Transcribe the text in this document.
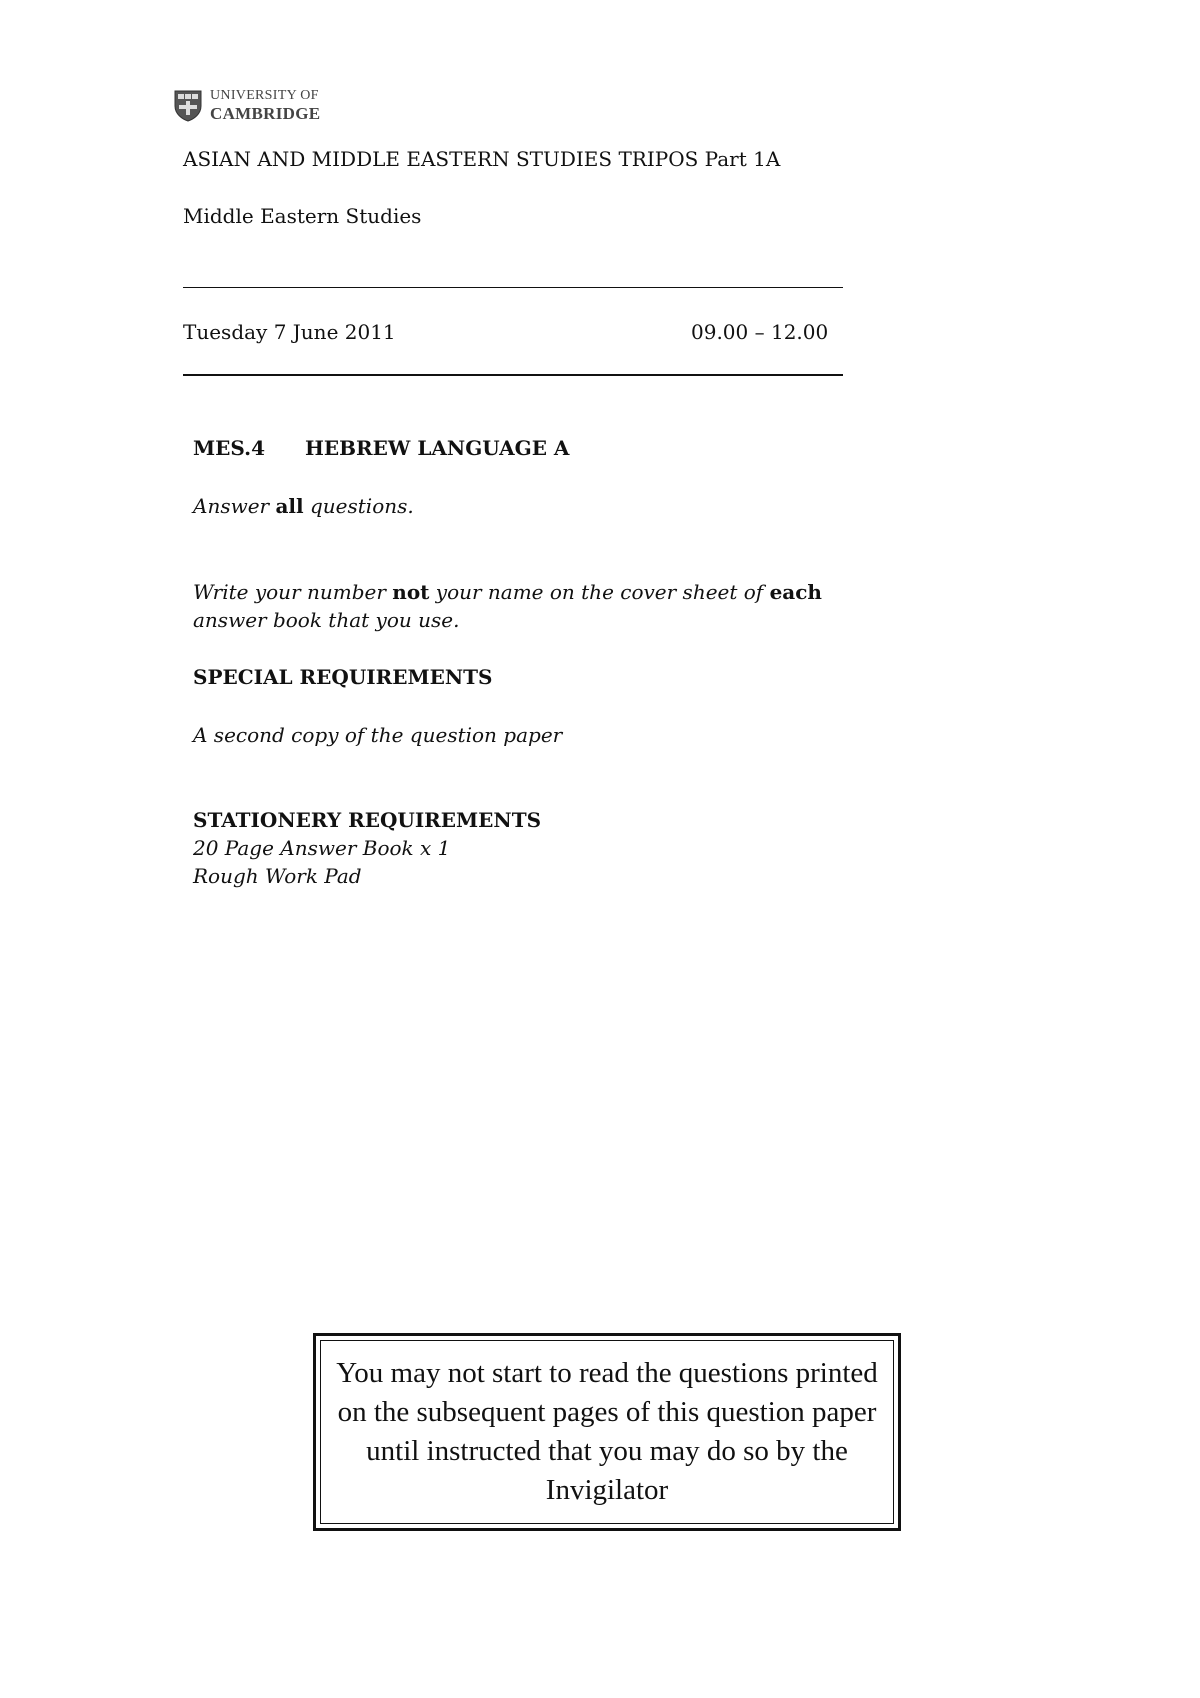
UNIVERSITY OF
CAMBRIDGE
ASIAN AND MIDDLE EASTERN STUDIES TRIPOS Part 1A
Middle Eastern Studies
Tuesday 7 June 2011	09.00 – 12.00
MES.4 HEBREW LANGUAGE A
Answer all questions.
Write your number not your name on the cover sheet of each
answer book that you use.
SPECIAL REQUIREMENTS
A second copy of the question paper
STATIONERY REQUIREMENTS
20 Page Answer Book x 1
Rough Work Pad
You may not start to read the questions printed on the subsequent pages of this question paper until instructed that you may do so by the Invigilator
